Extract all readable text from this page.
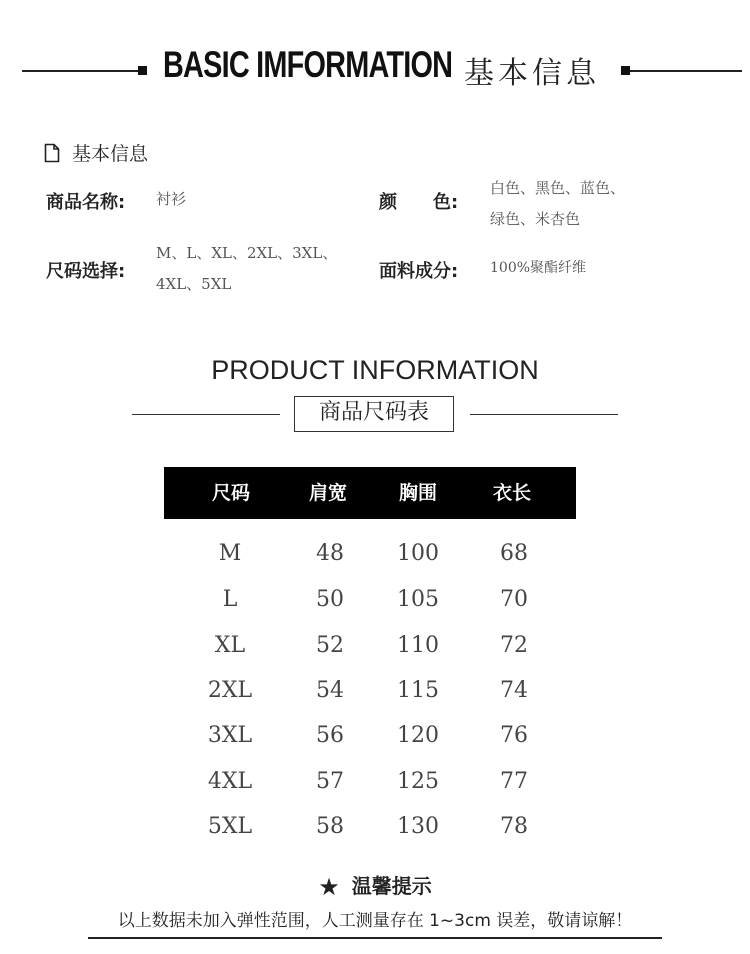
BASIC IMFORMATION 基本信息
基本信息
商品名称: 衬衫	颜　　色:
白色、黑色、蓝色、
绿色、米杏色
尺码选择:
M、L、XL、2XL、3XL、
4XL、5XL
面料成分: 100%聚酯纤维
PRODUCT INFORMATION
商品尺码表
尺码	肩宽	胸围	衣长
M	48	100	68
L	50	105	70
XL	52	110	72
2XL	54	115	74
3XL	56	120	76
4XL	57	125	77
5XL	58	130	78
★ 温馨提示
以上数据未加入弹性范围，人工测量存在 1~3cm 误差，敬请谅解！
